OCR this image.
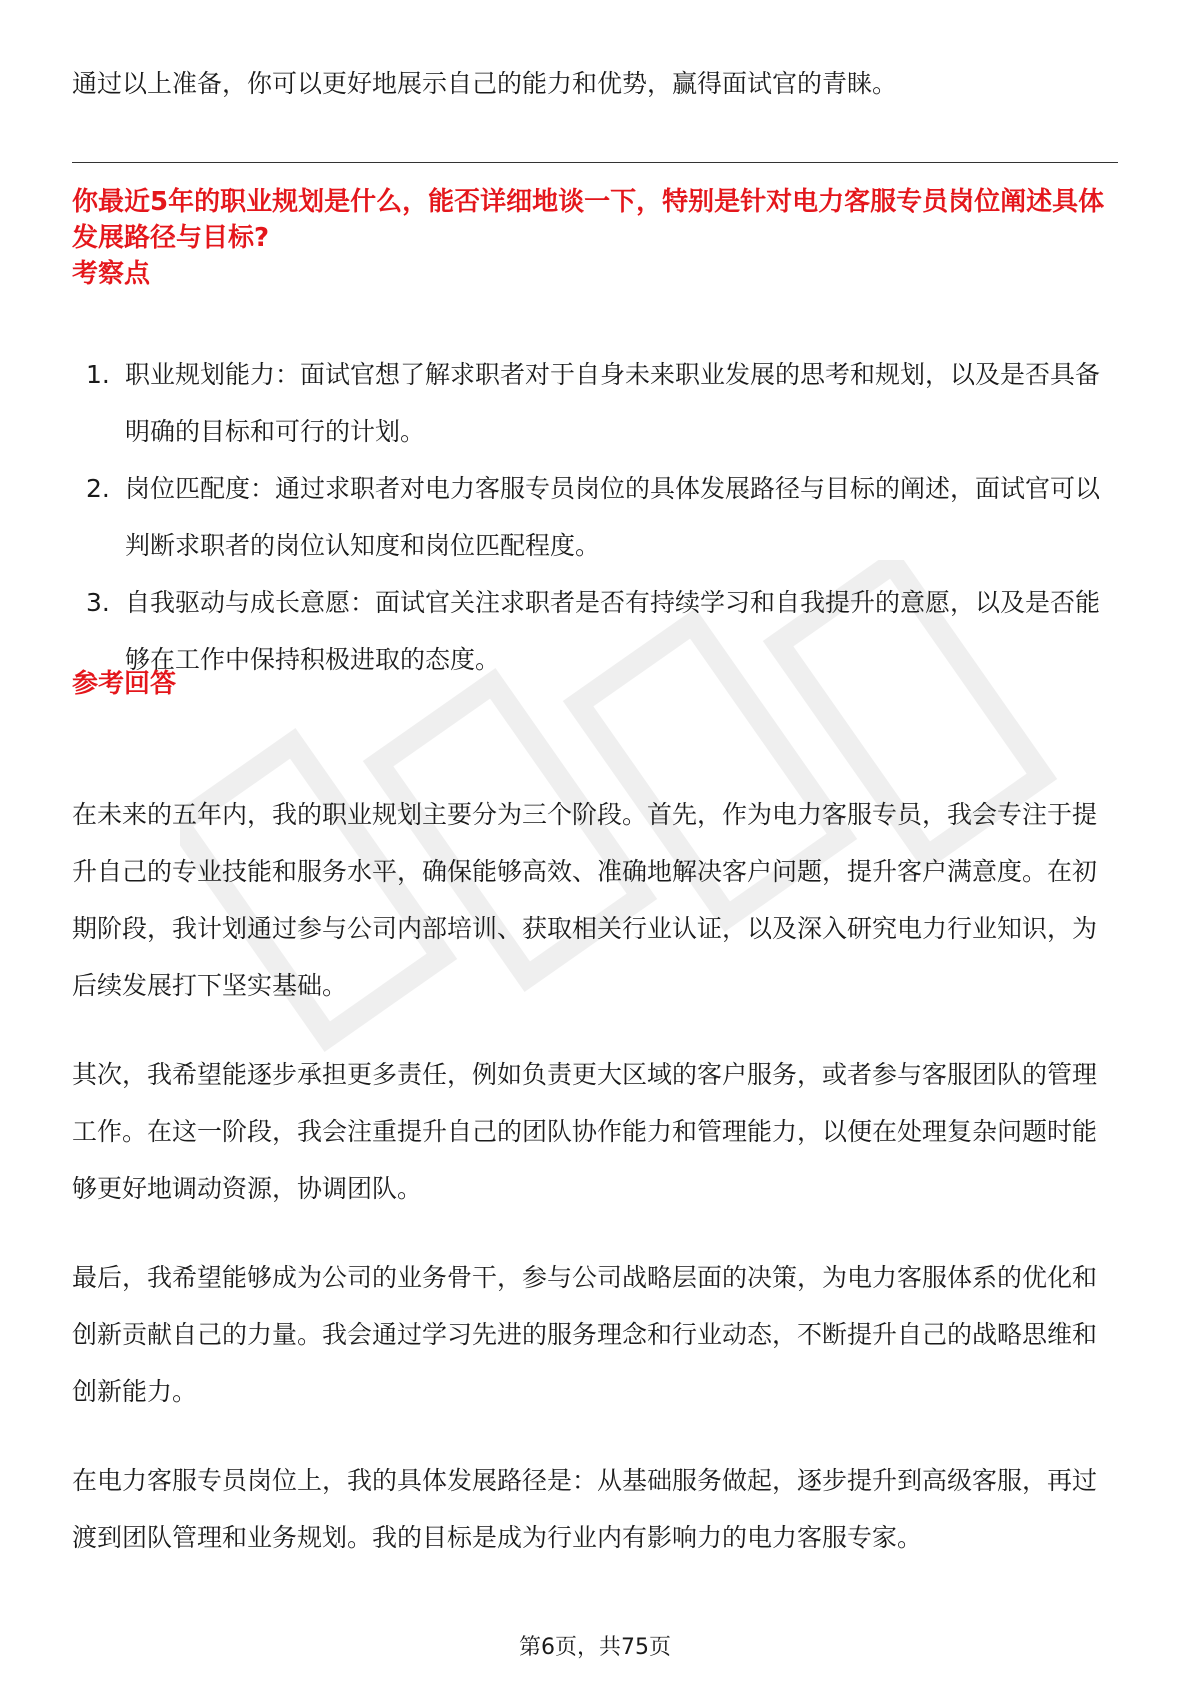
通过以上准备，你可以更好地展示自己的能力和优势，赢得面试官的青睐。

你最近5年的职业规划是什么，能否详细地谈一下，特别是针对电力客服专员岗位阐述具体发展路径与目标?

考察点

1. 职业规划能力：面试官想了解求职者对于自身未来职业发展的思考和规划，以及是否具备明确的目标和可行的计划。
2. 岗位匹配度：通过求职者对电力客服专员岗位的具体发展路径与目标的阐述，面试官可以判断求职者的岗位认知度和岗位匹配程度。
3. 自我驱动与成长意愿：面试官关注求职者是否有持续学习和自我提升的意愿，以及是否能够在工作中保持积极进取的态度。

参考回答

在未来的五年内，我的职业规划主要分为三个阶段。首先，作为电力客服专员，我会专注于提升自己的专业技能和服务水平，确保能够高效、准确地解决客户问题，提升客户满意度。在初期阶段，我计划通过参与公司内部培训、获取相关行业认证，以及深入研究电力行业知识，为后续发展打下坚实基础。

其次，我希望能逐步承担更多责任，例如负责更大区域的客户服务，或者参与客服团队的管理工作。在这一阶段，我会注重提升自己的团队协作能力和管理能力，以便在处理复杂问题时能够更好地调动资源，协调团队。

最后，我希望能够成为公司的业务骨干，参与公司战略层面的决策，为电力客服体系的优化和创新贡献自己的力量。我会通过学习先进的服务理念和行业动态，不断提升自己的战略思维和创新能力。

在电力客服专员岗位上，我的具体发展路径是：从基础服务做起，逐步提升到高级客服，再过渡到团队管理和业务规划。我的目标是成为行业内有影响力的电力客服专家。

第6页，共75页
